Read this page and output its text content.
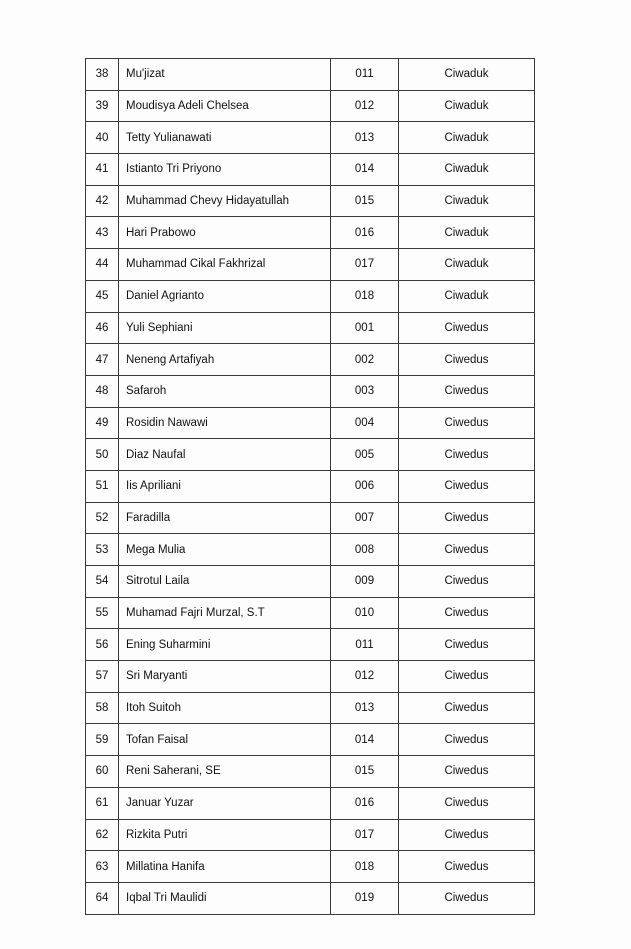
38	Mu'jizat	011	Ciwaduk
39	Moudisya Adeli Chelsea	012	Ciwaduk
40	Tetty Yulianawati	013	Ciwaduk
41	Istianto Tri Priyono	014	Ciwaduk
42	Muhammad Chevy Hidayatullah	015	Ciwaduk
43	Hari Prabowo	016	Ciwaduk
44	Muhammad Cikal Fakhrizal	017	Ciwaduk
45	Daniel Agrianto	018	Ciwaduk
46	Yuli Sephiani	001	Ciwedus
47	Neneng Artafiyah	002	Ciwedus
48	Safaroh	003	Ciwedus
49	Rosidin Nawawi	004	Ciwedus
50	Diaz Naufal	005	Ciwedus
51	Iis Apriliani	006	Ciwedus
52	Faradilla	007	Ciwedus
53	Mega Mulia	008	Ciwedus
54	Sitrotul Laila	009	Ciwedus
55	Muhamad Fajri Murzal, S.T	010	Ciwedus
56	Ening Suharmini	011	Ciwedus
57	Sri Maryanti	012	Ciwedus
58	Itoh Suitoh	013	Ciwedus
59	Tofan Faisal	014	Ciwedus
60	Reni Saherani, SE	015	Ciwedus
61	Januar Yuzar	016	Ciwedus
62	Rizkita Putri	017	Ciwedus
63	Millatina Hanifa	018	Ciwedus
64	Iqbal Tri Maulidi	019	Ciwedus
